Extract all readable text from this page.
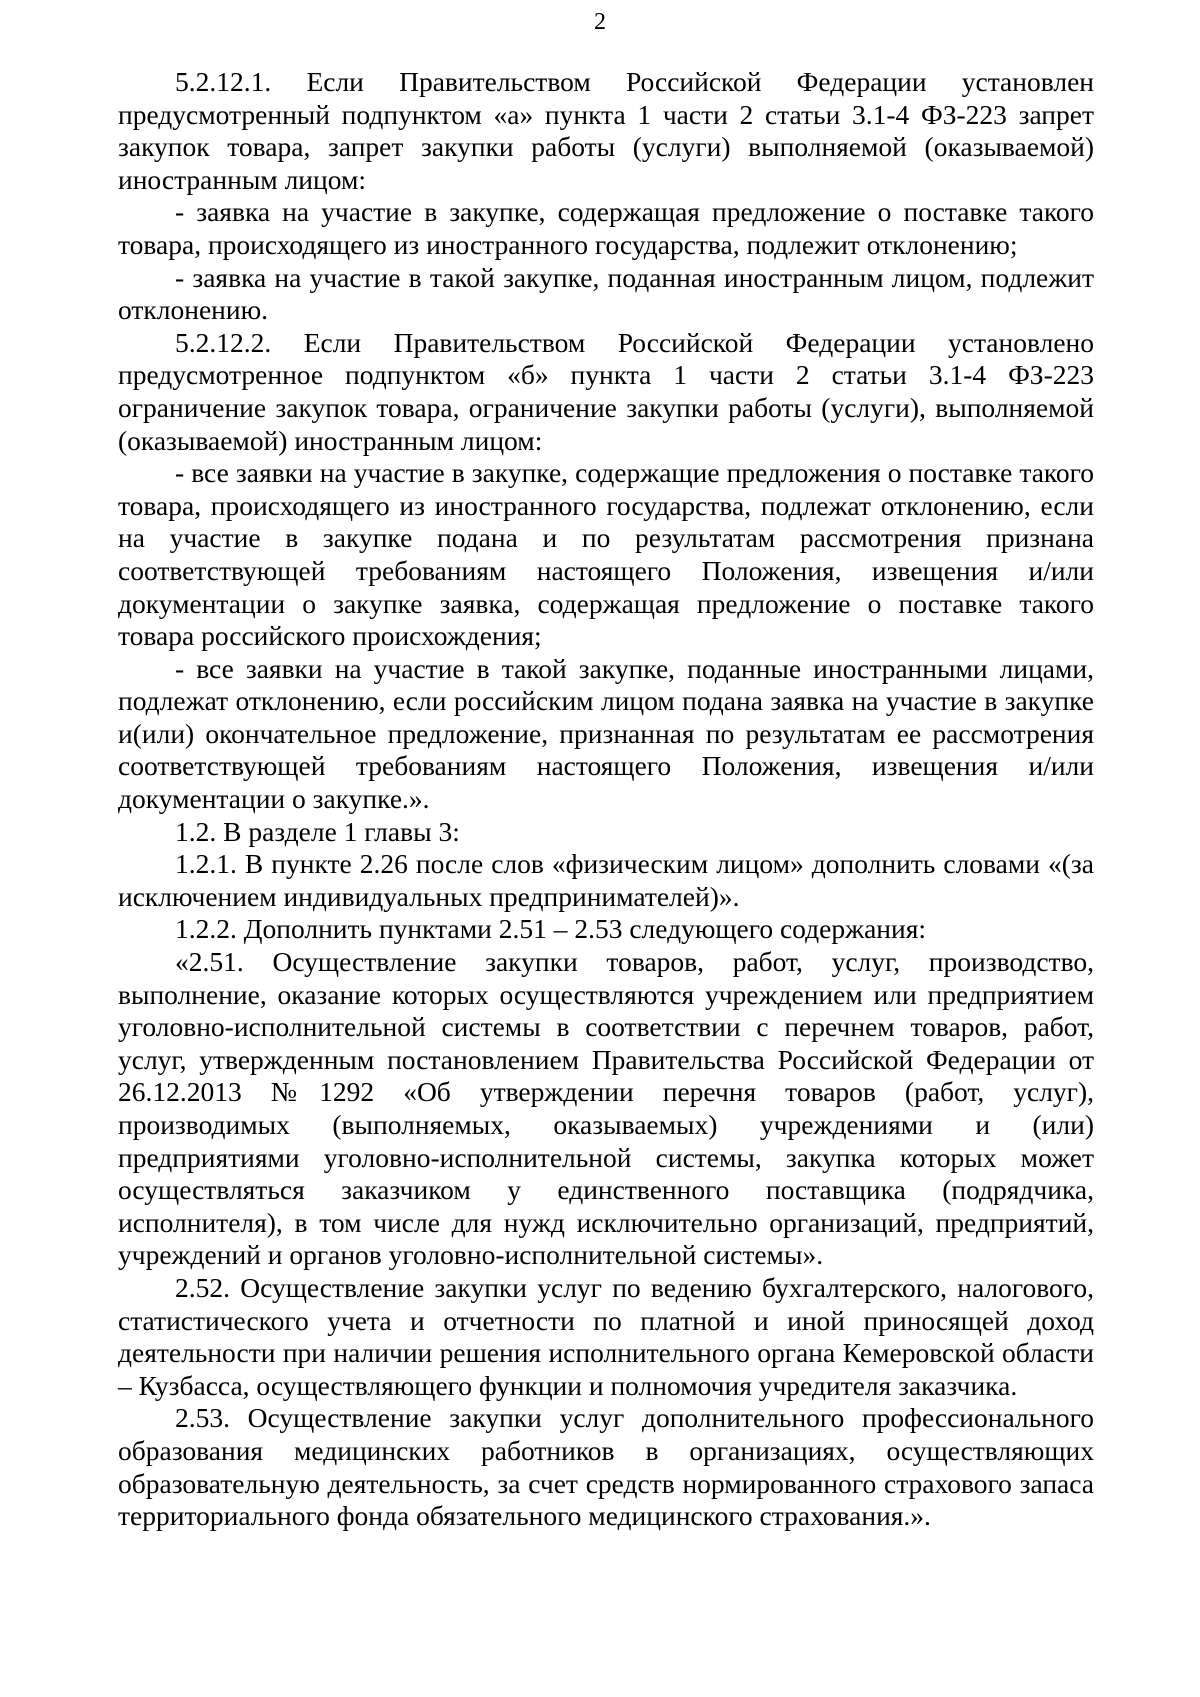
2

5.2.12.1. Если Правительством Российской Федерации установлен предусмотренный подпунктом «а» пункта 1 части 2 статьи 3.1-4 ФЗ-223 запрет закупок товара, запрет закупки работы (услуги) выполняемой (оказываемой) иностранным лицом:

- заявка на участие в закупке, содержащая предложение о поставке такого товара, происходящего из иностранного государства, подлежит отклонению;

- заявка на участие в такой закупке, поданная иностранным лицом, подлежит отклонению.

5.2.12.2. Если Правительством Российской Федерации установлено предусмотренное подпунктом «б» пункта 1 части 2 статьи 3.1-4 ФЗ-223 ограничение закупок товара, ограничение закупки работы (услуги), выполняемой (оказываемой) иностранным лицом:

- все заявки на участие в закупке, содержащие предложения о поставке такого товара, происходящего из иностранного государства, подлежат отклонению, если на участие в закупке подана и по результатам рассмотрения признана соответствующей требованиям настоящего Положения, извещения и/или документации о закупке заявка, содержащая предложение о поставке такого товара российского происхождения;

- все заявки на участие в такой закупке, поданные иностранными лицами, подлежат отклонению, если российским лицом подана заявка на участие в закупке и(или) окончательное предложение, признанная по результатам ее рассмотрения соответствующей требованиям настоящего Положения, извещения и/или документации о закупке.».

1.2. В разделе 1 главы 3:

1.2.1. В пункте 2.26 после слов «физическим лицом» дополнить словами «(за исключением индивидуальных предпринимателей)».

1.2.2. Дополнить пунктами 2.51 – 2.53 следующего содержания:

«2.51. Осуществление закупки товаров, работ, услуг, производство, выполнение, оказание которых осуществляются учреждением или предприятием уголовно-исполнительной системы в соответствии с перечнем товаров, работ, услуг, утвержденным постановлением Правительства Российской Федерации от 26.12.2013 №1292 «Об утверждении перечня товаров (работ, услуг), производимых (выполняемых, оказываемых) учреждениями и (или) предприятиями уголовно-исполнительной системы, закупка которых может осуществляться заказчиком у единственного поставщика (подрядчика, исполнителя), в том числе для нужд исключительно организаций, предприятий, учреждений и органов уголовно-исполнительной системы».

2.52. Осуществление закупки услуг по ведению бухгалтерского, налогового, статистического учета и отчетности по платной и иной приносящей доход деятельности при наличии решения исполнительного органа Кемеровской области – Кузбасса, осуществляющего функции и полномочия учредителя заказчика.

2.53. Осуществление закупки услуг дополнительного профессионального образования медицинских работников в организациях, осуществляющих образовательную деятельность, за счет средств нормированного страхового запаса территориального фонда обязательного медицинского страхования.».
